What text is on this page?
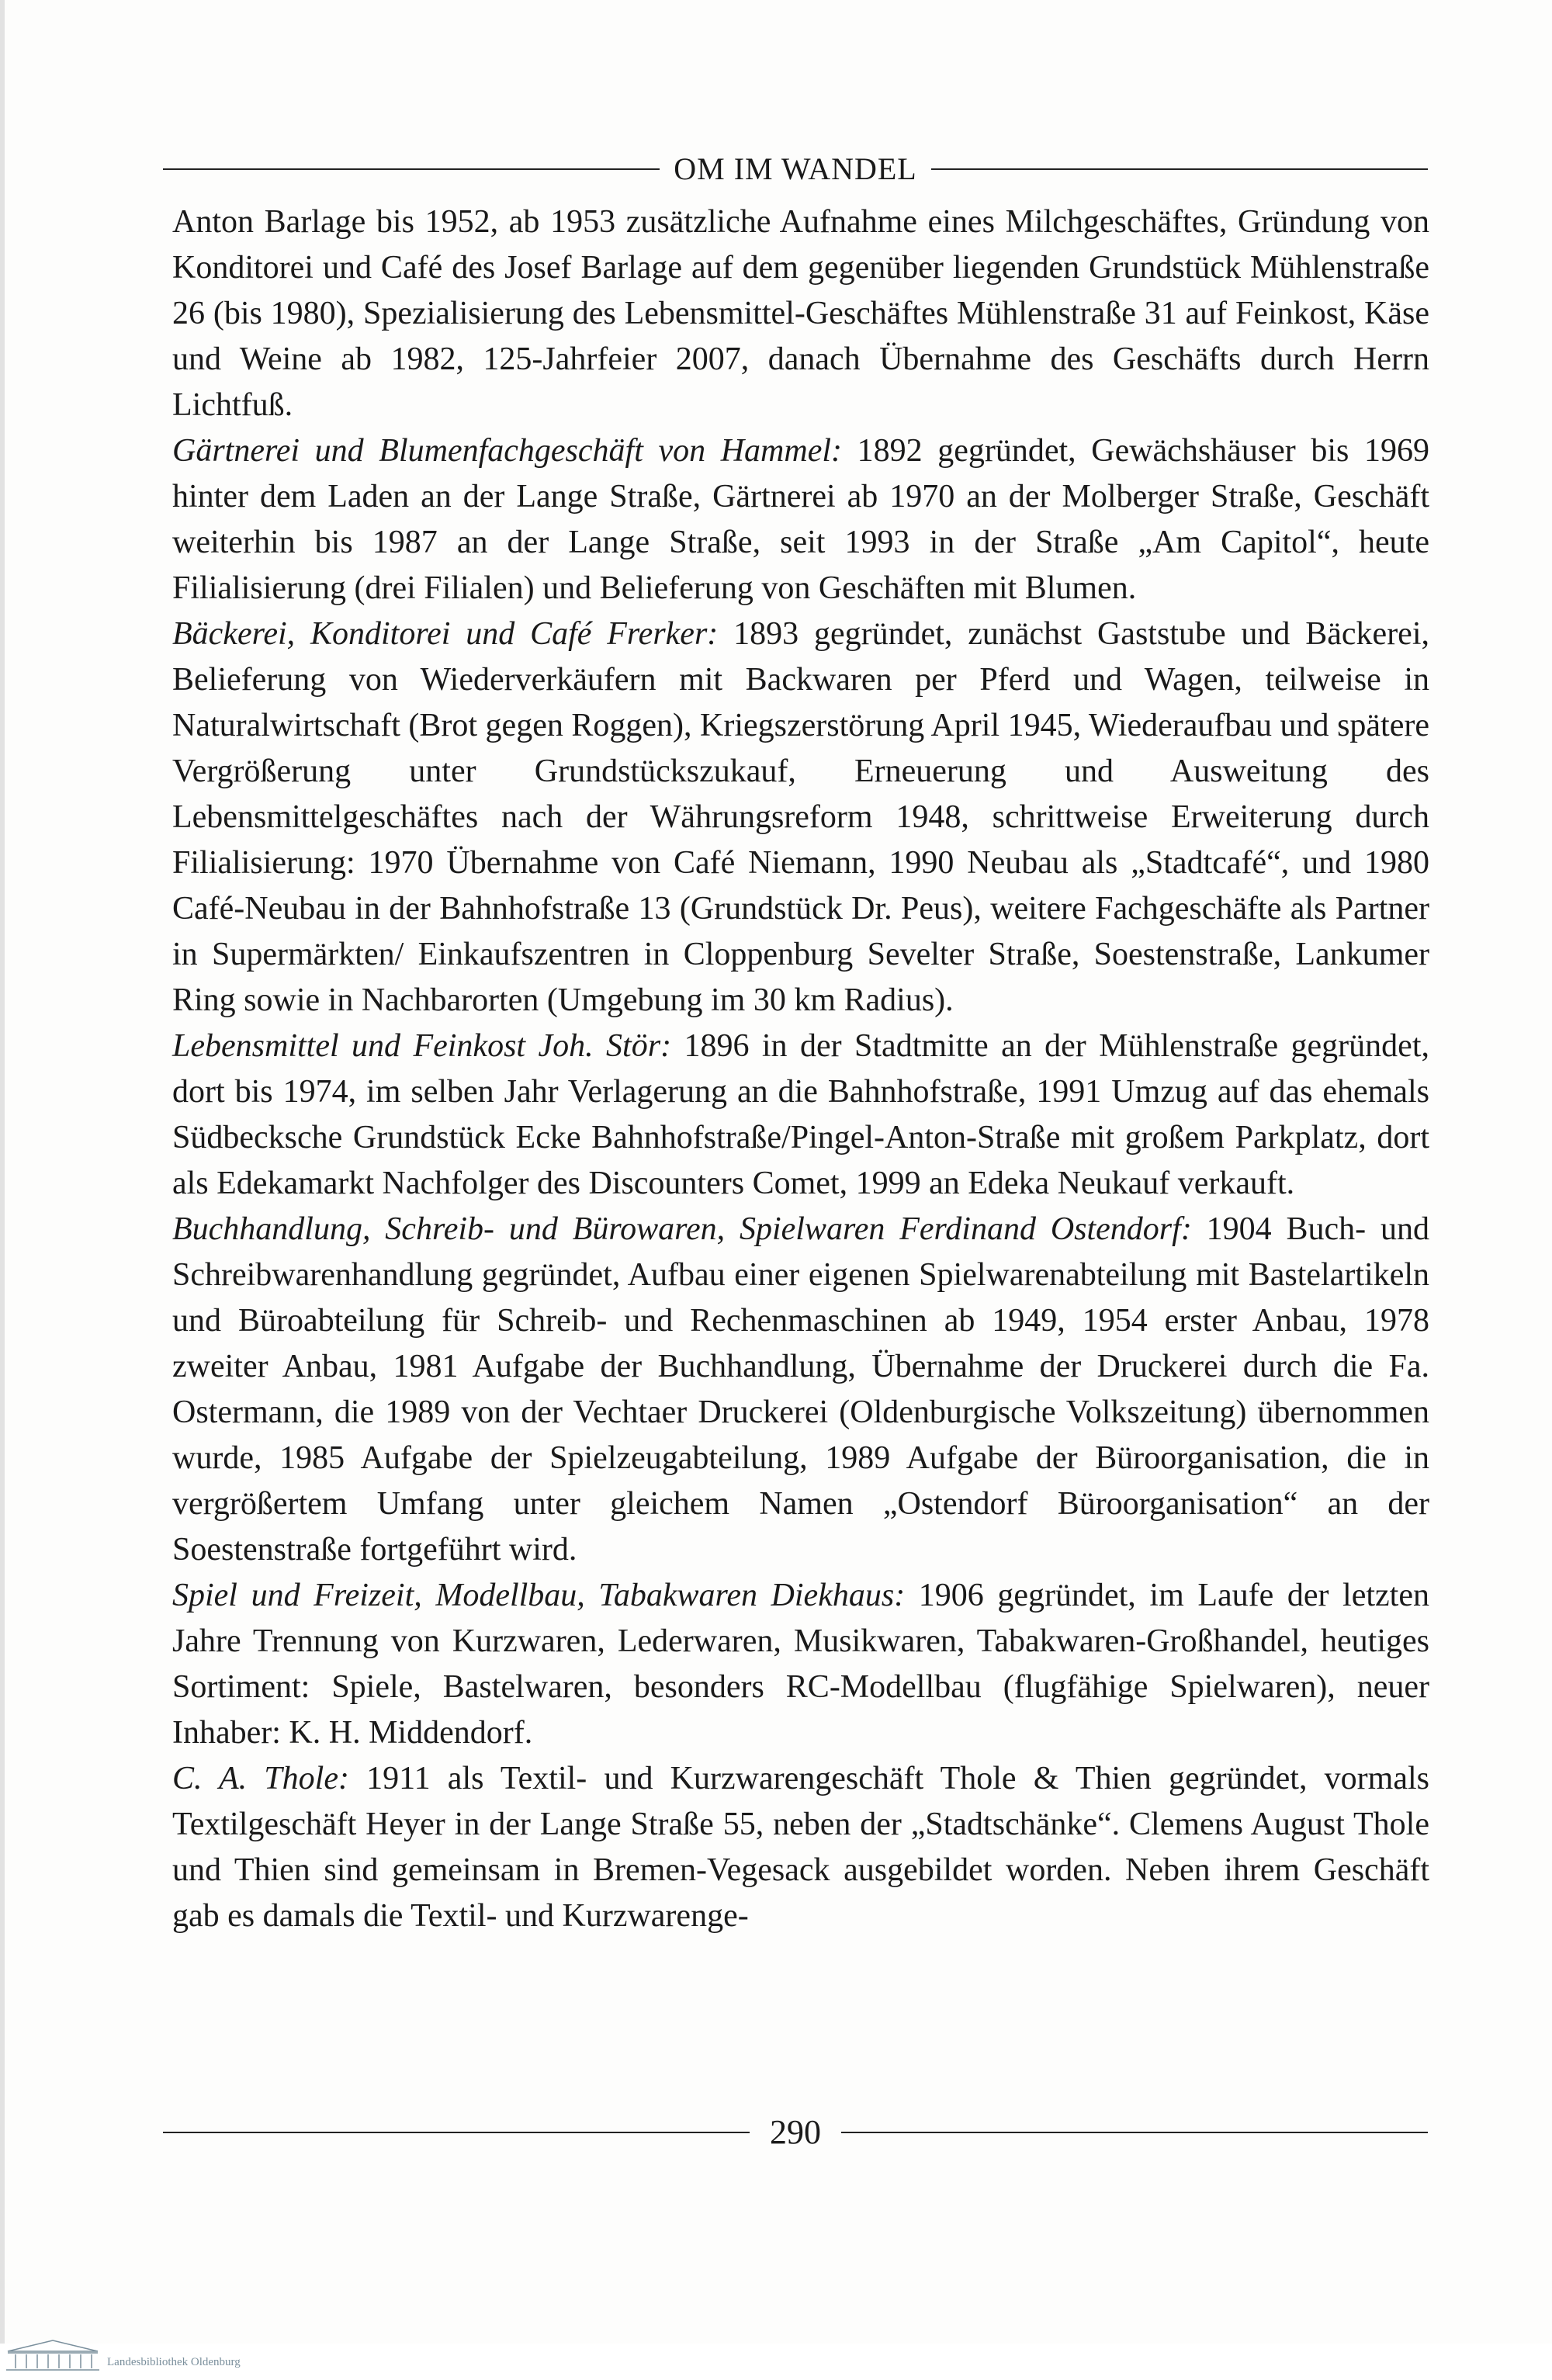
OM IM WANDEL

Anton Barlage bis 1952, ab 1953 zusätzliche Aufnahme eines Milchgeschäftes, Gründung von Konditorei und Café des Josef Barlage auf dem gegenüber liegenden Grundstück Mühlenstraße 26 (bis 1980), Spezialisierung des Lebensmittel-Geschäftes Mühlenstraße 31 auf Feinkost, Käse und Weine ab 1982, 125-Jahrfeier 2007, danach Übernahme des Geschäfts durch Herrn Lichtfuß.

Gärtnerei und Blumenfachgeschäft von Hammel: 1892 gegründet, Gewächshäuser bis 1969 hinter dem Laden an der Lange Straße, Gärtnerei ab 1970 an der Molberger Straße, Geschäft weiterhin bis 1987 an der Lange Straße, seit 1993 in der Straße „Am Capitol“, heute Filialisierung (drei Filialen) und Belieferung von Geschäften mit Blumen.

Bäckerei, Konditorei und Café Frerker: 1893 gegründet, zunächst Gaststube und Bäckerei, Belieferung von Wiederverkäufern mit Backwaren per Pferd und Wagen, teilweise in Naturalwirtschaft (Brot gegen Roggen), Kriegszerstörung April 1945, Wiederaufbau und spätere Vergrößerung unter Grundstückszukauf, Erneuerung und Ausweitung des Lebensmittelgeschäftes nach der Währungsreform 1948, schrittweise Erweiterung durch Filialisierung: 1970 Übernahme von Café Niemann, 1990 Neubau als „Stadtcafé“, und 1980 Café-Neubau in der Bahnhofstraße 13 (Grundstück Dr. Peus), weitere Fachgeschäfte als Partner in Supermärkten/ Einkaufszentren in Cloppenburg Sevelter Straße, Soestenstraße, Lankumer Ring sowie in Nachbarorten (Umgebung im 30 km Radius).

Lebensmittel und Feinkost Joh. Stör: 1896 in der Stadtmitte an der Mühlenstraße gegründet, dort bis 1974, im selben Jahr Verlagerung an die Bahnhofstraße, 1991 Umzug auf das ehemals Südbecksche Grundstück Ecke Bahnhofstraße/Pingel-Anton-Straße mit großem Parkplatz, dort als Edekamarkt Nachfolger des Discounters Comet, 1999 an Edeka Neukauf verkauft.

Buchhandlung, Schreib- und Bürowaren, Spielwaren Ferdinand Ostendorf: 1904 Buch- und Schreibwarenhandlung gegründet, Aufbau einer eigenen Spielwarenabteilung mit Bastelartikeln und Büroabteilung für Schreib- und Rechenmaschinen ab 1949, 1954 erster Anbau, 1978 zweiter Anbau, 1981 Aufgabe der Buchhandlung, Übernahme der Druckerei durch die Fa. Ostermann, die 1989 von der Vechtaer Druckerei (Oldenburgische Volkszeitung) übernommen wurde, 1985 Aufgabe der Spielzeugabteilung, 1989 Aufgabe der Büroorganisation, die in vergrößertem Umfang unter gleichem Namen „Ostendorf Büroorganisation“ an der Soestenstraße fortgeführt wird.

Spiel und Freizeit, Modellbau, Tabakwaren Diekhaus: 1906 gegründet, im Laufe der letzten Jahre Trennung von Kurzwaren, Lederwaren, Musikwaren, Tabakwaren-Großhandel, heutiges Sortiment: Spiele, Bastelwaren, besonders RC-Modellbau (flugfähige Spielwaren), neuer Inhaber: K. H. Middendorf.

C. A. Thole: 1911 als Textil- und Kurzwarengeschäft Thole & Thien gegründet, vormals Textilgeschäft Heyer in der Lange Straße 55, neben der „Stadtschänke“. Clemens August Thole und Thien sind gemeinsam in Bremen-Vegesack ausgebildet worden. Neben ihrem Geschäft gab es damals die Textil- und Kurzwarenge-

290
Landesbibliothek Oldenburg
